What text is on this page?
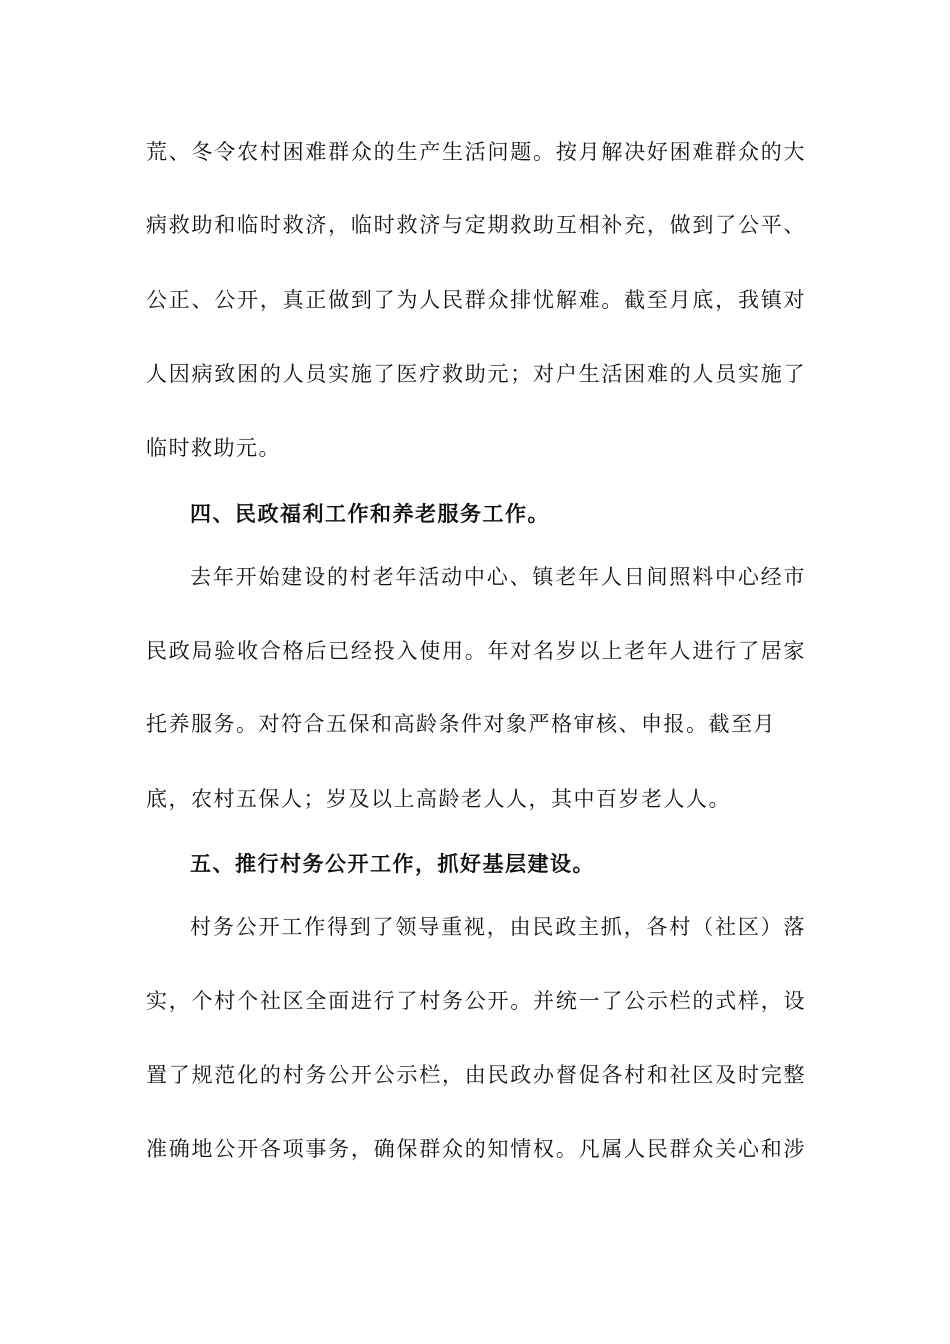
荒、冬令农村困难群众的生产生活问题。按月解决好困难群众的大
病救助和临时救济，临时救济与定期救助互相补充，做到了公平、
公正、公开，真正做到了为人民群众排忧解难。截至月底，我镇对
人因病致困的人员实施了医疗救助元；对户生活困难的人员实施了
临时救助元。
四、民政福利工作和养老服务工作。
去年开始建设的村老年活动中心、镇老年人日间照料中心经市
民政局验收合格后已经投入使用。年对名岁以上老年人进行了居家
托养服务。对符合五保和高龄条件对象严格审核、申报。截至月
底，农村五保人；岁及以上高龄老人人，其中百岁老人人。
五、推行村务公开工作，抓好基层建设。
村务公开工作得到了领导重视，由民政主抓，各村（社区）落
实，个村个社区全面进行了村务公开。并统一了公示栏的式样，设
置了规范化的村务公开公示栏，由民政办督促各村和社区及时完整
准确地公开各项事务，确保群众的知情权。凡属人民群众关心和涉
